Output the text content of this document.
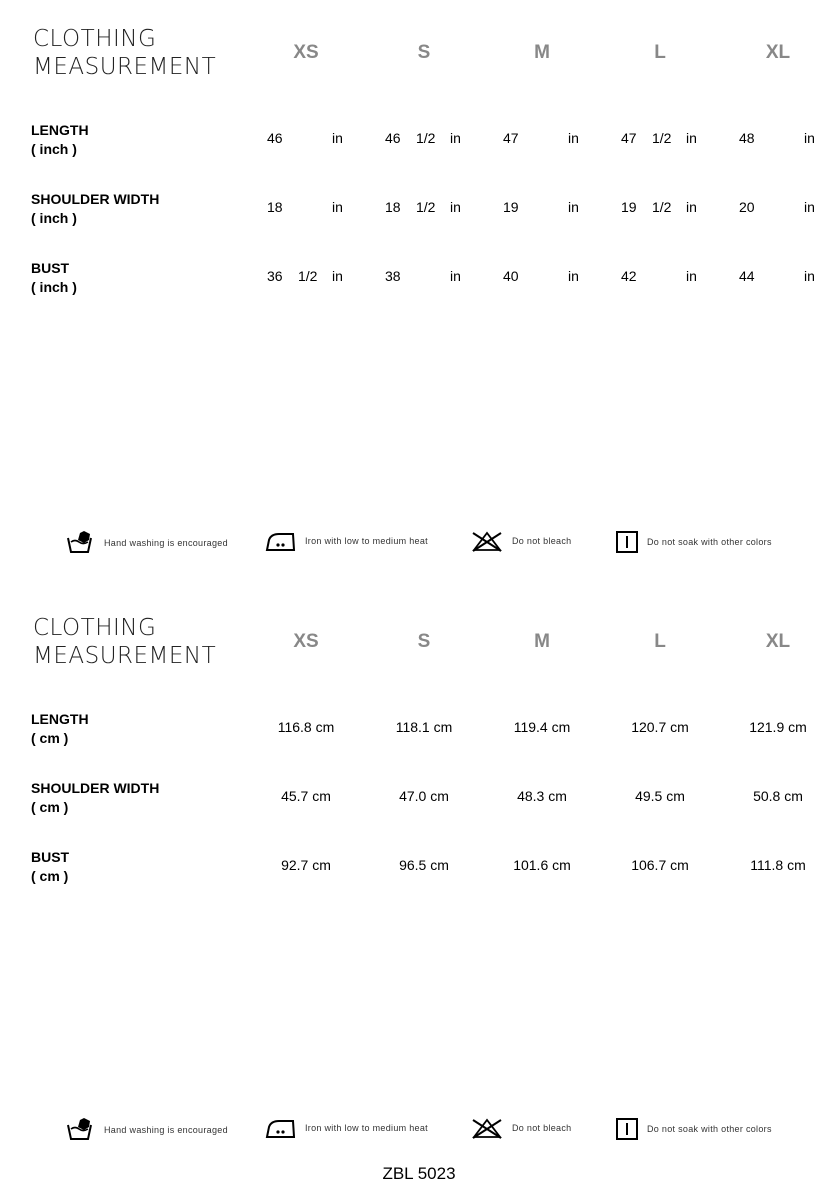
CLOTHING
MEASUREMENT
XS	S	M	L	XL
LENGTH
( inch )
46	in	46 1/2 in	47	in	47 1/2 in	48	in
SHOULDER WIDTH
( inch )
18	in	18 1/2 in	19	in	19 1/2 in	20	in
BUST
( inch )
36 1/2 in	38	in	40	in	42	in	44	in
Hand washing is encouraged	Iron with low to medium heat	Do not bleach	Do not soak with other colors
CLOTHING
MEASUREMENT
XS	S	M	L	XL
LENGTH
( cm )
116.8 cm	118.1 cm	119.4 cm	120.7 cm	121.9 cm
SHOULDER WIDTH
( cm )
45.7 cm	47.0 cm	48.3 cm	49.5 cm	50.8 cm
BUST
( cm )
92.7 cm	96.5 cm	101.6 cm	106.7 cm	111.8 cm
Hand washing is encouraged	Iron with low to medium heat	Do not bleach	Do not soak with other colors
ZBL 5023
